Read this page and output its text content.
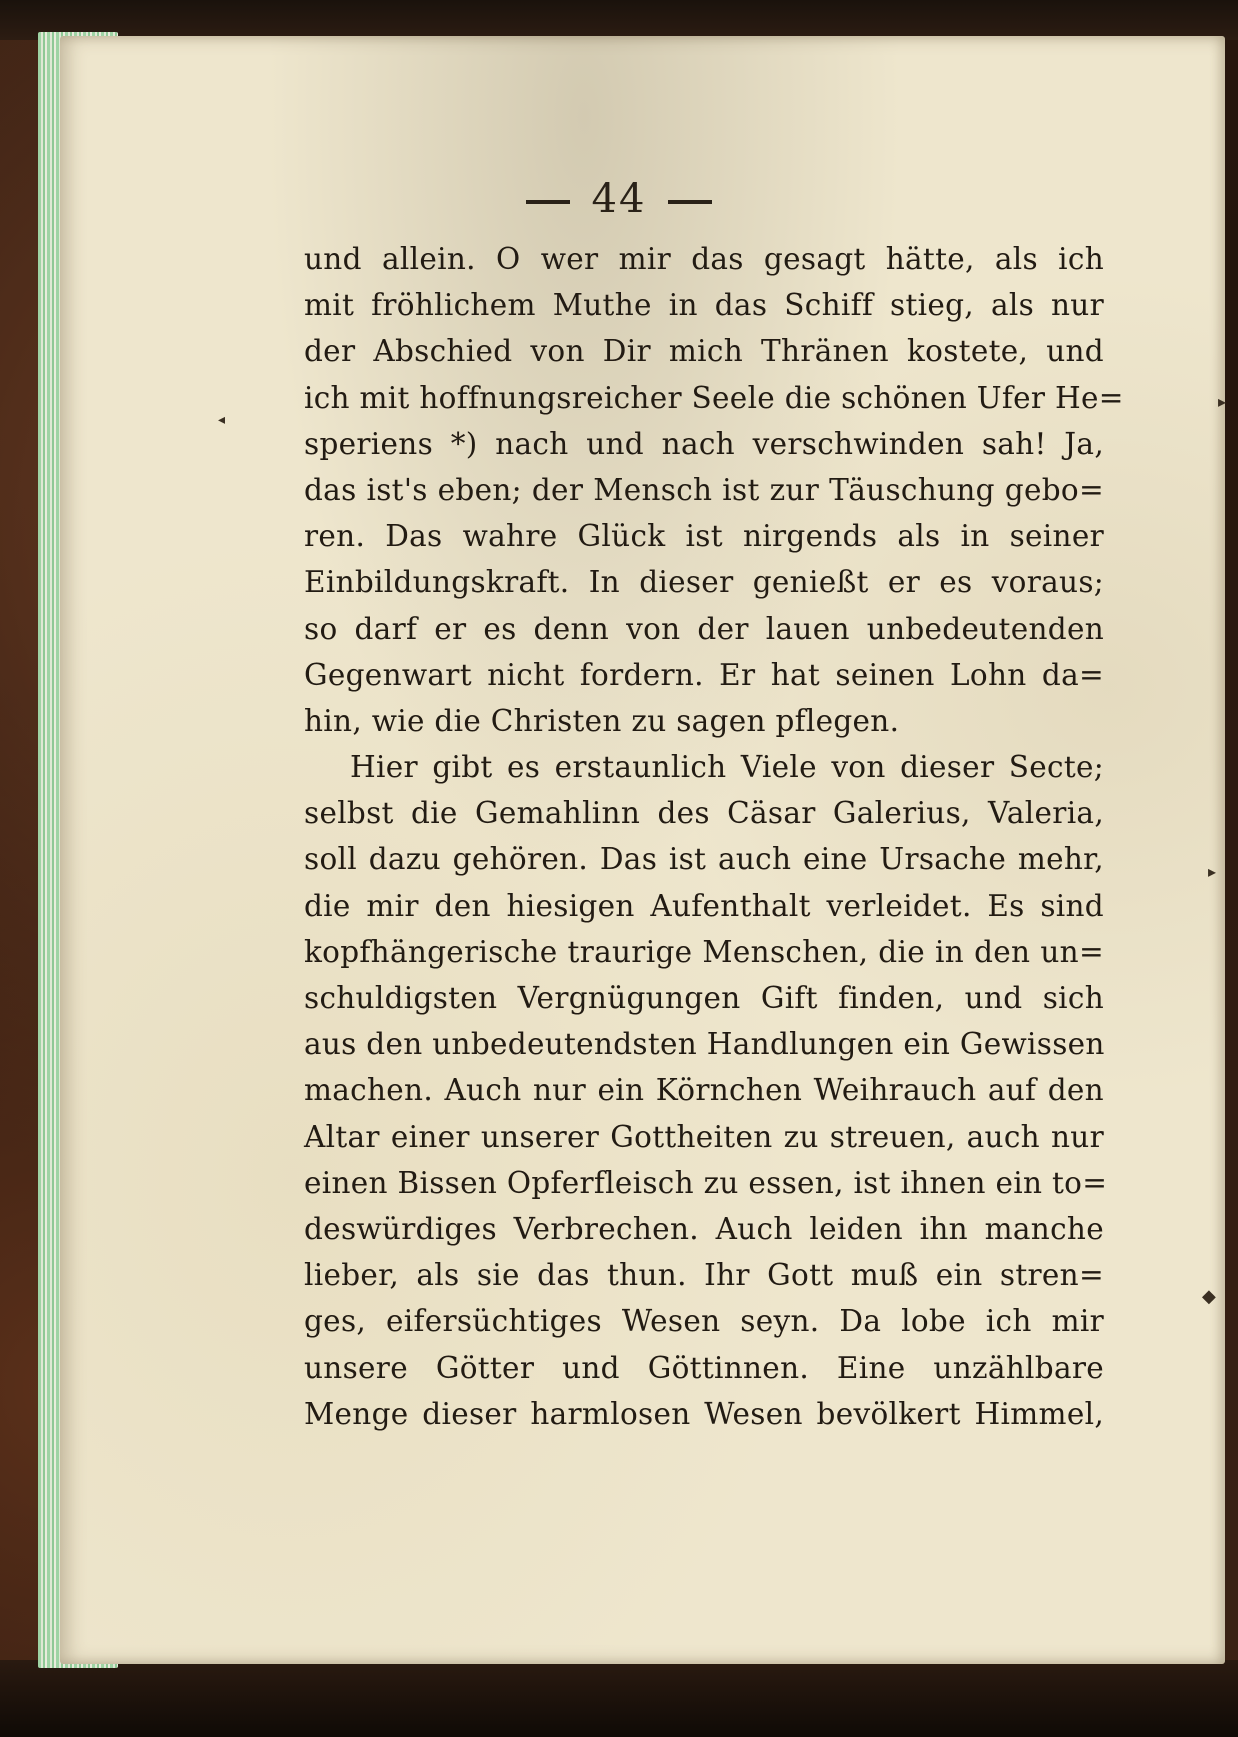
44
und allein. O wer mir das gesagt hätte, als ich
mit fröhlichem Muthe in das Schiff stieg, als nur
der Abschied von Dir mich Thränen kostete, und
ich mit hoffnungsreicher Seele die schönen Ufer He=
speriens *) nach und nach verschwinden sah! Ja,
das ist's eben; der Mensch ist zur Täuschung gebo=
ren. Das wahre Glück ist nirgends als in seiner
Einbildungskraft. In dieser genießt er es voraus;
so darf er es denn von der lauen unbedeutenden
Gegenwart nicht fordern. Er hat seinen Lohn da=
hin, wie die Christen zu sagen pflegen.
Hier gibt es erstaunlich Viele von dieser Secte;
selbst die Gemahlinn des Cäsar Galerius, Valeria,
soll dazu gehören. Das ist auch eine Ursache mehr,
die mir den hiesigen Aufenthalt verleidet. Es sind
kopfhängerische traurige Menschen, die in den un=
schuldigsten Vergnügungen Gift finden, und sich
aus den unbedeutendsten Handlungen ein Gewissen
machen. Auch nur ein Körnchen Weihrauch auf den
Altar einer unserer Gottheiten zu streuen, auch nur
einen Bissen Opferfleisch zu essen, ist ihnen ein to=
deswürdiges Verbrechen. Auch leiden ihn manche
lieber, als sie das thun. Ihr Gott muß ein stren=
ges, eifersüchtiges Wesen seyn. Da lobe ich mir
unsere Götter und Göttinnen. Eine unzählbare
Menge dieser harmlosen Wesen bevölkert Himmel,
◂
▸
▸
◆
